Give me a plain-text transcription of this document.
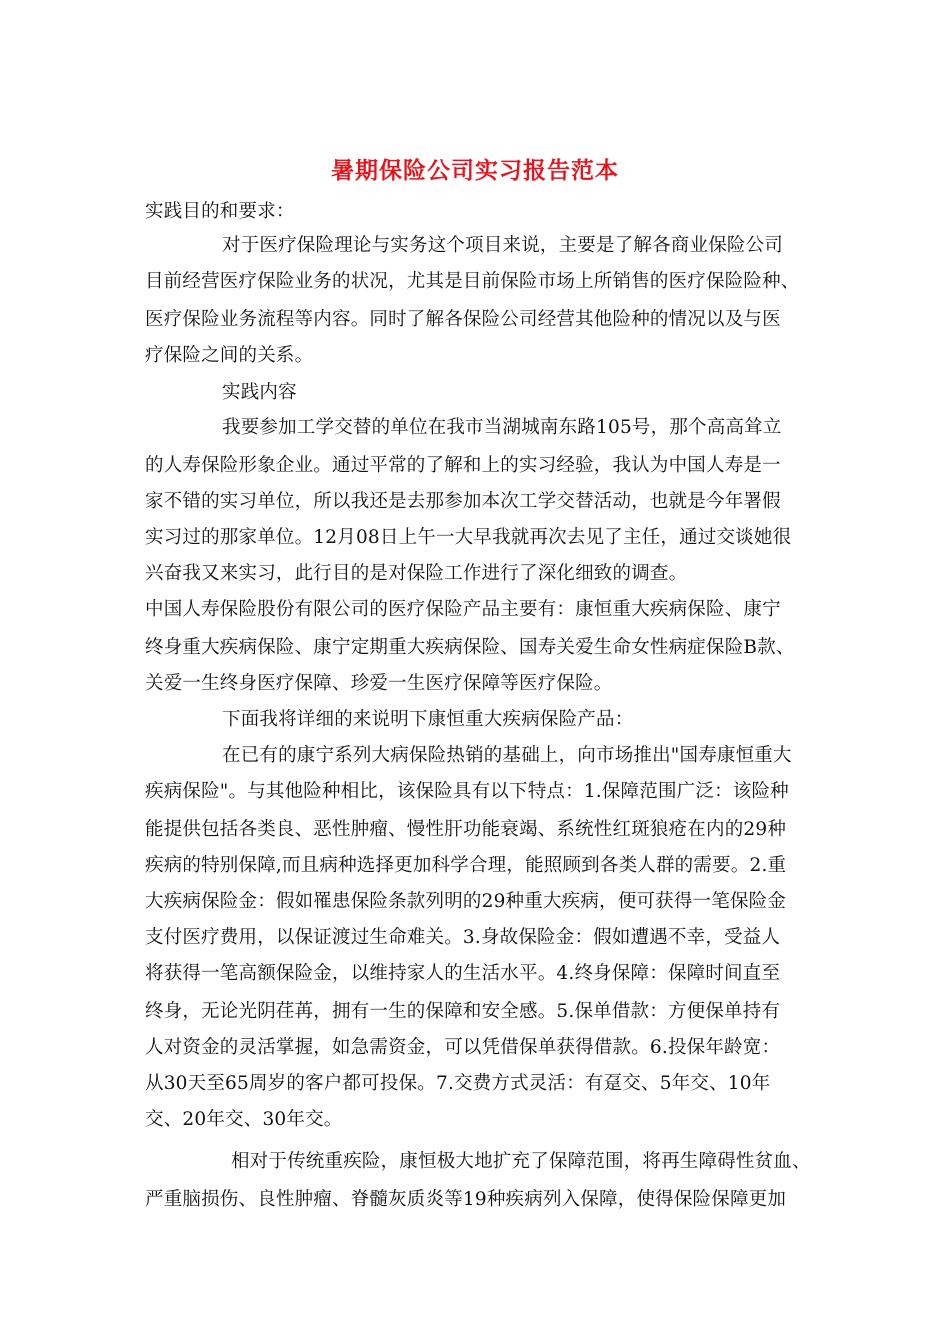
暑期保险公司实习报告范本
实践目的和要求：
对于医疗保险理论与实务这个项目来说，主要是了解各商业保险公司
目前经营医疗保险业务的状况，尤其是目前保险市场上所销售的医疗保险险种、
医疗保险业务流程等内容。同时了解各保险公司经营其他险种的情况以及与医
疗保险之间的关系。
实践内容
我要参加工学交替的单位在我市当湖城南东路105号，那个高高耸立
的人寿保险形象企业。通过平常的了解和上的实习经验，我认为中国人寿是一
家不错的实习单位，所以我还是去那参加本次工学交替活动，也就是今年署假
实习过的那家单位。12月08日上午一大早我就再次去见了主任，通过交谈她很
兴奋我又来实习，此行目的是对保险工作进行了深化细致的调查。
中国人寿保险股份有限公司的医疗保险产品主要有：康恒重大疾病保险、康宁
终身重大疾病保险、康宁定期重大疾病保险、国寿关爱生命女性病症保险B款、
关爱一生终身医疗保障、珍爱一生医疗保障等医疗保险。
下面我将详细的来说明下康恒重大疾病保险产品：
在已有的康宁系列大病保险热销的基础上，向市场推出"国寿康恒重大
疾病保险"。与其他险种相比，该保险具有以下特点：1.保障范围广泛：该险种
能提供包括各类良、恶性肿瘤、慢性肝功能衰竭、系统性红斑狼疮在内的29种
疾病的特别保障,而且病种选择更加科学合理，能照顾到各类人群的需要。2.重
大疾病保险金：假如罹患保险条款列明的29种重大疾病，便可获得一笔保险金
支付医疗费用，以保证渡过生命难关。3.身故保险金：假如遭遇不幸，受益人
将获得一笔高额保险金，以维持家人的生活水平。4.终身保障：保障时间直至
终身，无论光阴荏苒，拥有一生的保障和安全感。5.保单借款：方便保单持有
人对资金的灵活掌握，如急需资金，可以凭借保单获得借款。6.投保年龄宽：
从30天至65周岁的客户都可投保。7.交费方式灵活：有趸交、5年交、10年
交、20年交、30年交。
相对于传统重疾险，康恒极大地扩充了保障范围，将再生障碍性贫血、
严重脑损伤、良性肿瘤、脊髓灰质炎等19种疾病列入保障，使得保险保障更加
